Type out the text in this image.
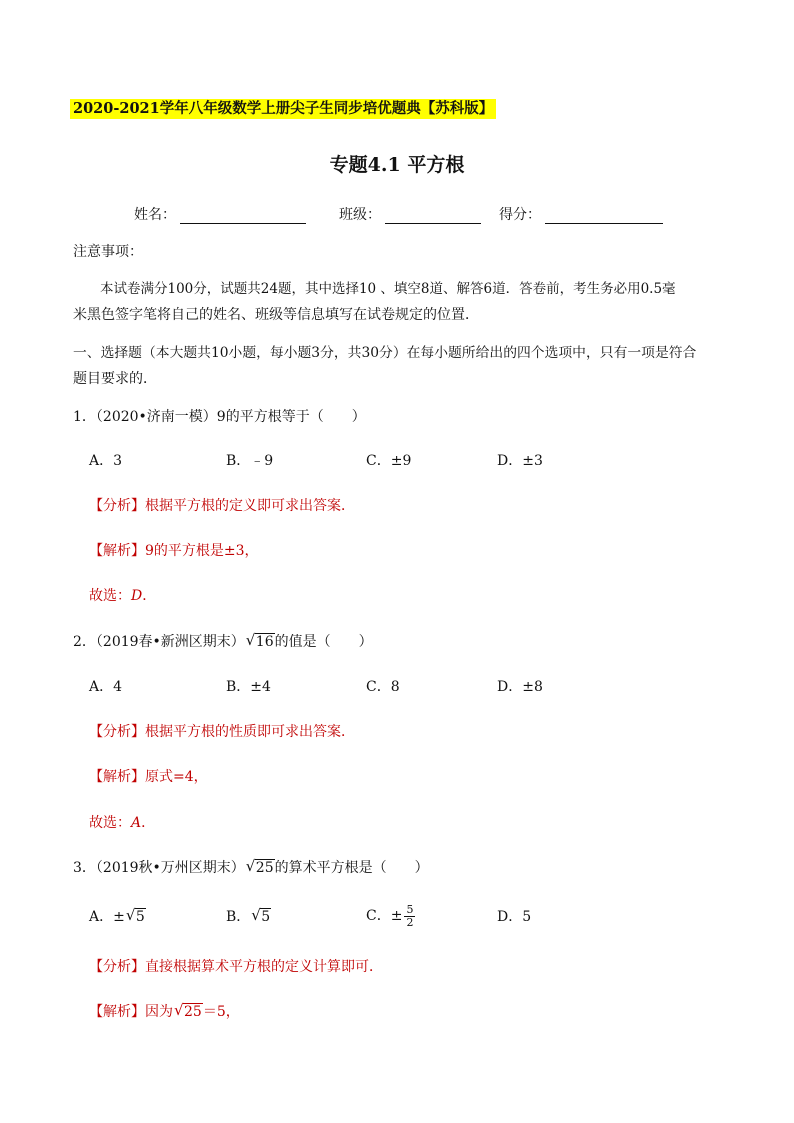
2020-2021学年八年级数学上册尖子生同步培优题典【苏科版】
专题4.1 平方根
姓名：	班级：	得分：
注意事项：
本试卷满分100分，试题共24题，其中选择10 、填空8道、解答6道．答卷前，考生务必用0.5毫
米黑色签字笔将自己的姓名、班级等信息填写在试卷规定的位置．
一、选择题（本大题共10小题，每小题3分，共30分）在每小题所给出的四个选项中，只有一项是符合
题目要求的．
1．（2020•济南一模）9的平方根等于（　　）
A．3	B．﹣9	C．±9	D．±3
【分析】根据平方根的定义即可求出答案．
【解析】9的平方根是±3，
故选：D．
2．（2019春•新洲区期末） √ 16的值是（　　）
A．4	B．±4	C．8	D．±8
【分析】根据平方根的性质即可求出答案．
【解析】原式=4，
故选：A．
3．（2019秋•万州区期末） √ 25的算术平方根是（　　）
A．± √ 5	B． √ 5	C．± $\frac{5}{2}$	D．5
【分析】直接根据算术平方根的定义计算即可．
【解析】因为 √ 25＝5，
